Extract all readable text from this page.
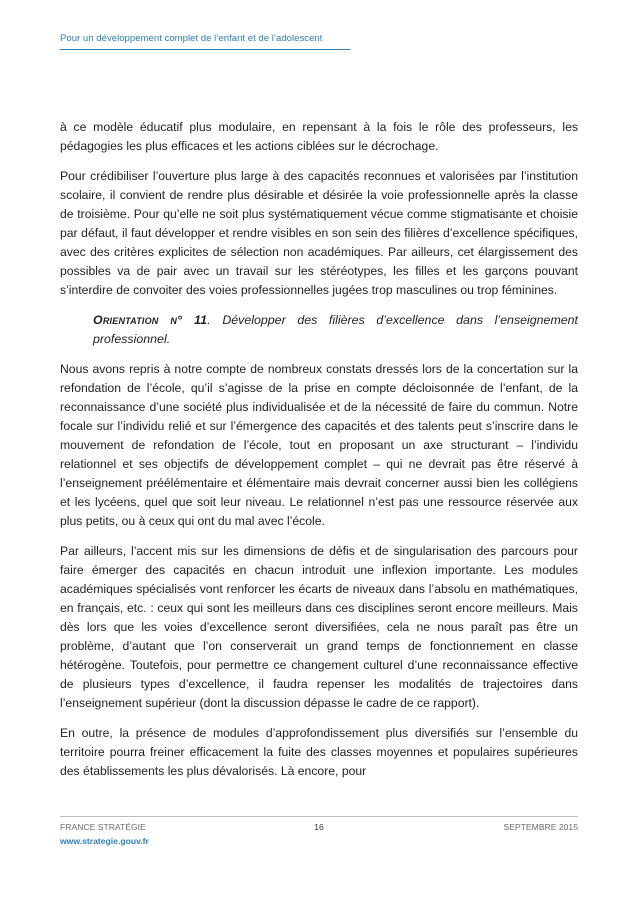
Pour un développement complet de l’enfant et de l’adolescent

à ce modèle éducatif plus modulaire, en repensant à la fois le rôle des professeurs, les pédagogies les plus efficaces et les actions ciblées sur le décrochage.

Pour crédibiliser l’ouverture plus large à des capacités reconnues et valorisées par l’institution scolaire, il convient de rendre plus désirable et désirée la voie professionnelle après la classe de troisième. Pour qu’elle ne soit plus systématiquement vécue comme stigmatisante et choisie par défaut, il faut développer et rendre visibles en son sein des filières d’excellence spécifiques, avec des critères explicites de sélection non académiques. Par ailleurs, cet élargissement des possibles va de pair avec un travail sur les stéréotypes, les filles et les garçons pouvant s’interdire de convoiter des voies professionnelles jugées trop masculines ou trop féminines.

Orientation n° 11. Développer des filières d’excellence dans l’enseignement professionnel.

Nous avons repris à notre compte de nombreux constats dressés lors de la concertation sur la refondation de l’école, qu’il s’agisse de la prise en compte décloisonnée de l’enfant, de la reconnaissance d’une société plus individualisée et de la nécessité de faire du commun. Notre focale sur l’individu relié et sur l’émergence des capacités et des talents peut s’inscrire dans le mouvement de refondation de l’école, tout en proposant un axe structurant – l’individu relationnel et ses objectifs de développement complet – qui ne devrait pas être réservé à l’enseignement préélémentaire et élémentaire mais devrait concerner aussi bien les collégiens et les lycéens, quel que soit leur niveau. Le relationnel n’est pas une ressource réservée aux plus petits, ou à ceux qui ont du mal avec l’école.

Par ailleurs, l’accent mis sur les dimensions de défis et de singularisation des parcours pour faire émerger des capacités en chacun introduit une inflexion importante. Les modules académiques spécialisés vont renforcer les écarts de niveaux dans l’absolu en mathématiques, en français, etc. : ceux qui sont les meilleurs dans ces disciplines seront encore meilleurs. Mais dès lors que les voies d’excellence seront diversifiées, cela ne nous paraît pas être un problème, d’autant que l’on conserverait un grand temps de fonctionnement en classe hétérogène. Toutefois, pour permettre ce changement culturel d’une reconnaissance effective de plusieurs types d’excellence, il faudra repenser les modalités de trajectoires dans l’enseignement supérieur (dont la discussion dépasse le cadre de ce rapport).

En outre, la présence de modules d’approfondissement plus diversifiés sur l’ensemble du territoire pourra freiner efficacement la fuite des classes moyennes et populaires supérieures des établissements les plus dévalorisés. Là encore, pour

FRANCE STRATÉGIE	16	SEPTEMBRE 2015
www.strategie.gouv.fr
